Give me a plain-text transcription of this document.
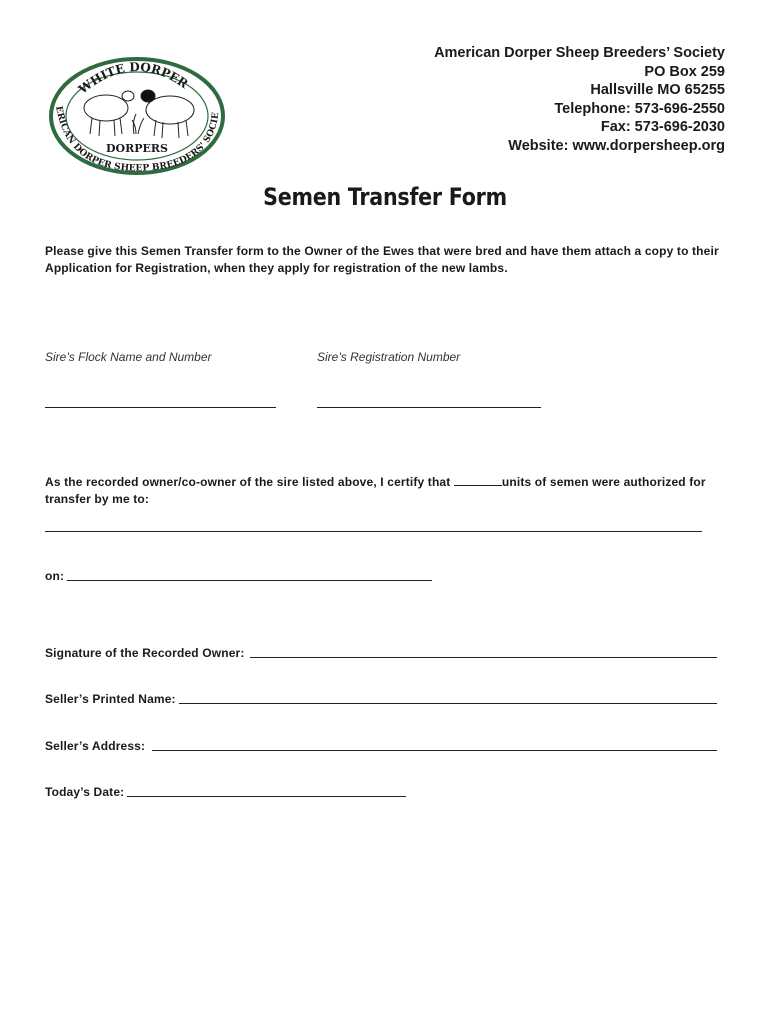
WHITE DORPER
ERICAN DORPER SHEEP BREEDERS' SOCIE
DORPERS
American Dorper Sheep Breeders’ Society
PO Box 259
Hallsville MO 65255
Telephone: 573-696-2550
Fax: 573-696-2030
Website: www.dorpersheep.org
Semen Transfer Form
Please give this Semen Transfer form to the Owner of the Ewes that were bred and have them attach a copy to their Application for Registration, when they apply for registration of the new lambs.
Sire’s Flock Name and Number	Sire’s Registration Number
As the recorded owner/co-owner of the sire listed above, I certify that	units of semen were authorized for transfer by me to:
on:
Signature of the Recorded Owner:
Seller’s Printed Name:
Seller’s Address:
Today’s Date:
